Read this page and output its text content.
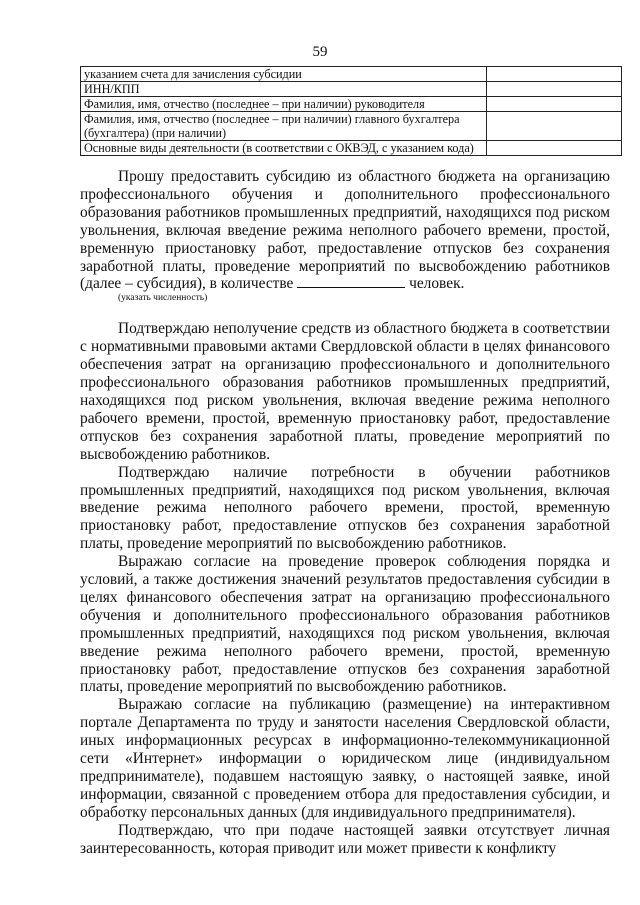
59
указанием счета для зачисления субсидии	
ИНН/КПП	
Фамилия, имя, отчество (последнее – при наличии) руководителя	
Фамилия, имя, отчество (последнее – при наличии) главного бухгалтера (бухгалтера) (при наличии)	
Основные виды деятельности (в соответствии с ОКВЭД, с указанием кода)	

Прошу предоставить субсидию из областного бюджета на организацию профессионального обучения и дополнительного профессионального образования работников промышленных предприятий, находящихся под риском увольнения, включая введение режима неполного рабочего времени, простой, временную приостановку работ, предоставление отпусков без сохранения заработной платы, проведение мероприятий по высвобождению работников (далее – субсидия), в количестве	человек.

(указать численность)

Подтверждаю неполучение средств из областного бюджета в соответствии с нормативными правовыми актами Свердловской области в целях финансового обеспечения затрат на организацию профессионального и дополнительного профессионального образования работников промышленных предприятий, находящихся под риском увольнения, включая введение режима неполного рабочего времени, простой, временную приостановку работ, предоставление отпусков без сохранения заработной платы, проведение мероприятий по высвобождению работников.

Подтверждаю наличие потребности в обучении работников промышленных предприятий, находящихся под риском увольнения, включая введение режима неполного рабочего времени, простой, временную приостановку работ, предоставление отпусков без сохранения заработной платы, проведение мероприятий по высвобождению работников.

Выражаю согласие на проведение проверок соблюдения порядка и условий, а также достижения значений результатов предоставления субсидии в целях финансового обеспечения затрат на организацию профессионального обучения и дополнительного профессионального образования работников промышленных предприятий, находящихся под риском увольнения, включая введение режима неполного рабочего времени, простой, временную приостановку работ, предоставление отпусков без сохранения заработной платы, проведение мероприятий по высвобождению работников.

Выражаю согласие на публикацию (размещение) на интерактивном портале Департамента по труду и занятости населения Свердловской области, иных информационных ресурсах в информационно-телекоммуникационной сети «Интернет» информации о юридическом лице (индивидуальном предпринимателе), подавшем настоящую заявку, о настоящей заявке, иной информации, связанной с проведением отбора для предоставления субсидии, и обработку персональных данных (для индивидуального предпринимателя).

Подтверждаю, что при подаче настоящей заявки отсутствует личная заинтересованность, которая приводит или может привести к конфликту
